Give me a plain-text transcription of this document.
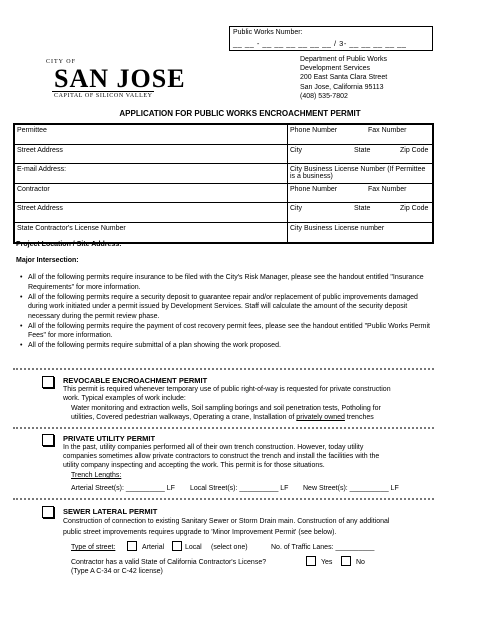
Public Works Number:
__ __ - __ __ __ __ __ __ / 3- __ __ __ __ __
CITY OF
SAN JOSE
CAPITAL OF SILICON VALLEY
Department of Public Works
Development Services
200 East Santa Clara Street
San Jose, California 95113
(408) 535-7802
APPLICATION FOR PUBLIC WORKS ENCROACHMENT PERMIT
Permittee	Phone Number	Fax Number
Street Address	City	State	Zip Code
E-mail Address:	City Business License Number (If Permittee is a business)
Contractor	Phone Number	Fax Number
Street Address	City	State	Zip Code
State Contractor's License Number	City Business License number
Project Location / Site Address:
Major Intersection:
• All of the following permits require insurance to be filed with the City's Risk Manager, please see the handout entitled "Insurance Requirements" for more information.
• All of the following permits require a security deposit to guarantee repair and/or replacement of public improvements damaged during work initiated under a permit issued by Development Services. Staff will calculate the amount of the security deposit necessary during the permit review phase.
• All of the following permits require the payment of cost recovery permit fees, please see the handout entitled "Public Works Permit Fees" for more information.
• All of the following permits require submittal of a plan showing the work proposed.
REVOCABLE ENCROACHMENT PERMIT
This permit is required whenever temporary use of public right-of-way is requested for private construction
work. Typical examples of work include:
Water monitoring and extraction wells, Soil sampling borings and soil penetration tests, Potholing for
utilities, Covered pedestrian walkways, Operating a crane, Installation of privately owned trenches
PRIVATE UTILITY PERMIT
In the past, utility companies performed all of their own trench construction. However, today utility
companies sometimes allow private contractors to construct the trench and install the facilities with the
utility company inspecting and accepting the work. This permit is for those situations.
Trench Lengths:
Arterial Street(s): __________ LF Local Street(s): __________ LF New Street(s): __________ LF
SEWER LATERAL PERMIT
Construction of connection to existing Sanitary Sewer or Storm Drain main. Construction of any additional
public street improvements requires upgrade to 'Minor Improvement Permit' (see below).
Type of street:	Arterial	Local (select one)	No. of Traffic Lanes: __________
Contractor has a valid State of California Contractor's License?
(Type A C-34 or C-42 license)
Yes	No
